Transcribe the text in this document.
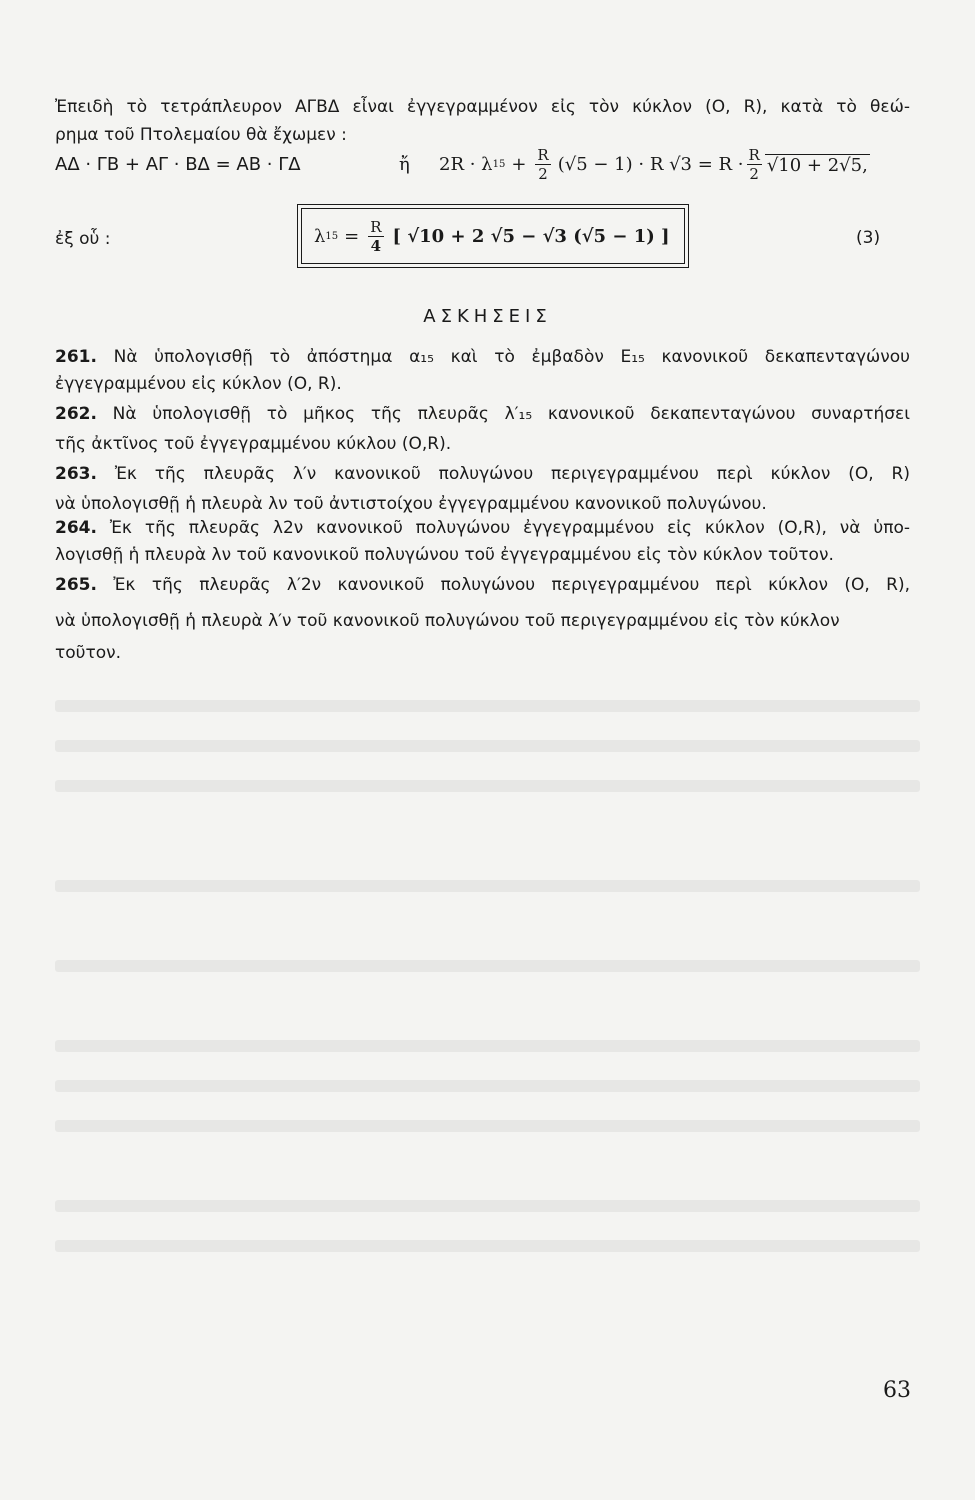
Ἐπειδὴ τὸ τετράπλευρον ΑΓΒΔ εἶναι ἐγγεγραμμένον εἰς τὸν κύκλον (Ο, R), κατὰ τὸ θεώ-
ρημα τοῦ Πτολεμαίου θὰ ἔχωμεν :
ΑΔ · ΓΒ + ΑΓ · ΒΔ = ΑΒ · ΓΔ	ἤ 2R · λ $15 + \frac{R}{2} (√5 - 1) \cdot R$ $√3 = R \cdot \frac{R}{2} √10 + 2√5$,
ἐξ οὗ :	λ $15 = \frac{R}{4}$ [ √10 + 2 √5 − √3 (√5 − 1) ]	(3)
ΑΣΚΗΣΕΙΣ
261. Νὰ ὑπολογισθῇ τὸ ἀπόστημα α₁₅ καὶ τὸ ἐμβαδὸν Ε₁₅ κανονικοῦ δεκαπενταγώνου
ἐγγεγραμμένου εἰς κύκλον (Ο, R).
262. Νὰ ὑπολογισθῇ τὸ μῆκος τῆς πλευρᾶς λ′₁₅ κανονικοῦ δεκαπενταγώνου συναρτήσει
τῆς ἀκτῖνος τοῦ ἐγγεγραμμένου κύκλου (Ο,R).
263. Ἐκ τῆς πλευρᾶς λ′ν κανονικοῦ πολυγώνου περιγεγραμμένου περὶ κύκλον (Ο, R)
νὰ ὑπολογισθῇ ἡ πλευρὰ λν τοῦ ἀντιστοίχου ἐγγεγραμμένου κανονικοῦ πολυγώνου.
264. Ἐκ τῆς πλευρᾶς λ2ν κανονικοῦ πολυγώνου ἐγγεγραμμένου εἰς κύκλον (Ο,R), νὰ ὑπο-
λογισθῇ ἡ πλευρὰ λν τοῦ κανονικοῦ πολυγώνου τοῦ ἐγγεγραμμένου εἰς τὸν κύκλον τοῦτον.
265. Ἐκ τῆς πλευρᾶς λ′2ν κανονικοῦ πολυγώνου περιγεγραμμένου περὶ κύκλον (Ο, R),
νὰ ὑπολογισθῇ ἡ πλευρὰ λ′ν τοῦ κανονικοῦ πολυγώνου τοῦ περιγεγραμμένου εἰς τὸν κύκλον
τοῦτον.
63
